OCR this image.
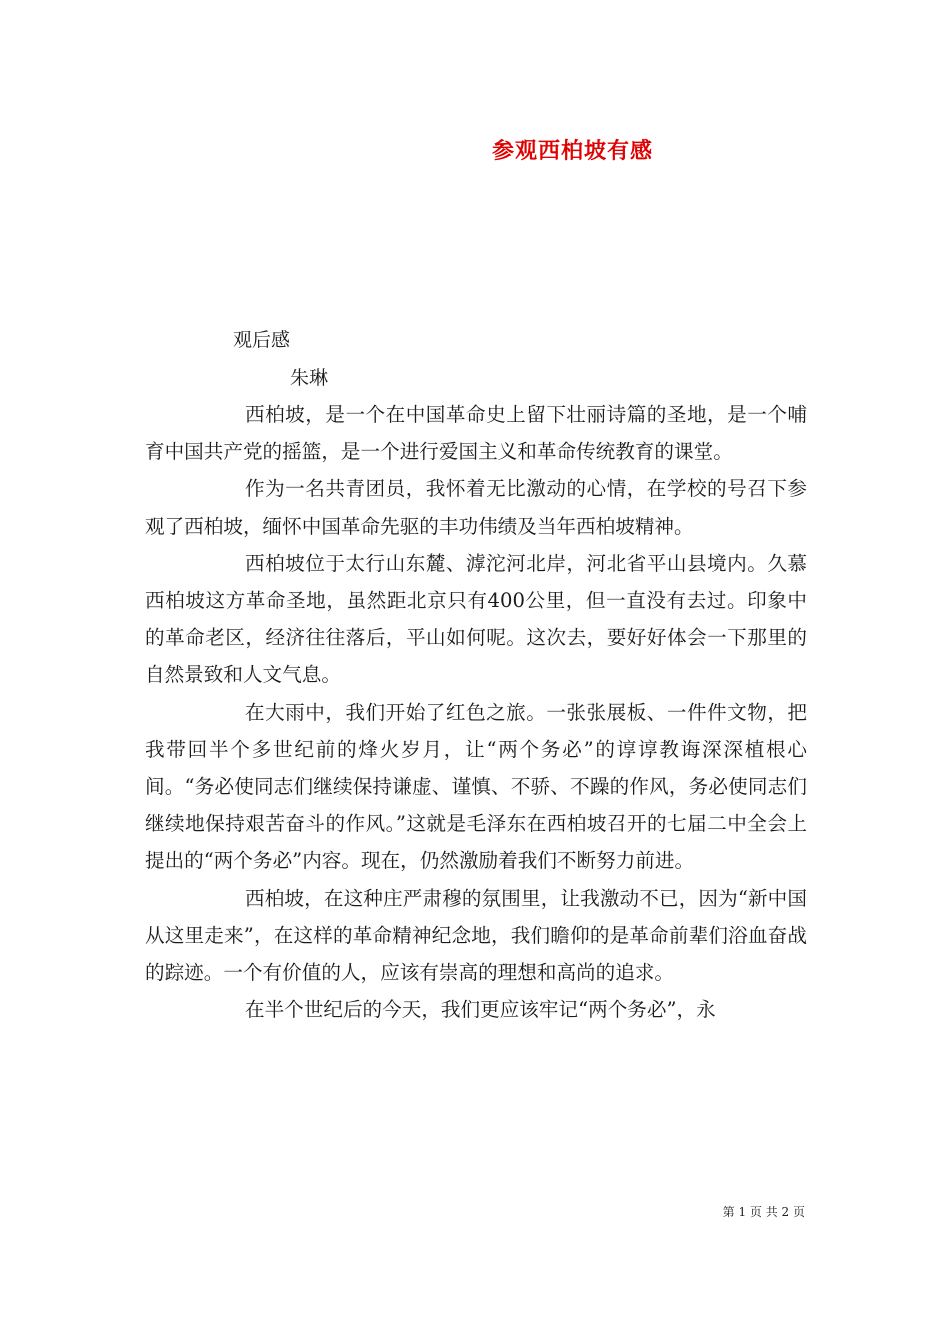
参观西柏坡有感
观后感
朱琳

西柏坡，是一个在中国革命史上留下壮丽诗篇的圣地，是一个哺育中国共产党的摇篮，是一个进行爱国主义和革命传统教育的课堂。

作为一名共青团员，我怀着无比激动的心情，在学校的号召下参观了西柏坡，缅怀中国革命先驱的丰功伟绩及当年西柏坡精神。

西柏坡位于太行山东麓、滹沱河北岸，河北省平山县境内。久慕西柏坡这方革命圣地，虽然距北京只有400公里，但一直没有去过。印象中的革命老区，经济往往落后，平山如何呢。这次去，要好好体会一下那里的自然景致和人文气息。

在大雨中，我们开始了红色之旅。一张张展板、一件件文物，把我带回半个多世纪前的烽火岁月，让“两个务必”的谆谆教诲深深植根心间。“务必使同志们继续保持谦虚、谨慎、不骄、不躁的作风，务必使同志们继续地保持艰苦奋斗的作风。”这就是毛泽东在西柏坡召开的七届二中全会上提出的“两个务必”内容。现在，仍然激励着我们不断努力前进。

西柏坡，在这种庄严肃穆的氛围里，让我激动不已，因为“新中国从这里走来”，在这样的革命精神纪念地，我们瞻仰的是革命前辈们浴血奋战的踪迹。一个有价值的人，应该有崇高的理想和高尚的追求。

在半个世纪后的今天，我们更应该牢记“两个务必”，永

第 1 页 共 2 页
